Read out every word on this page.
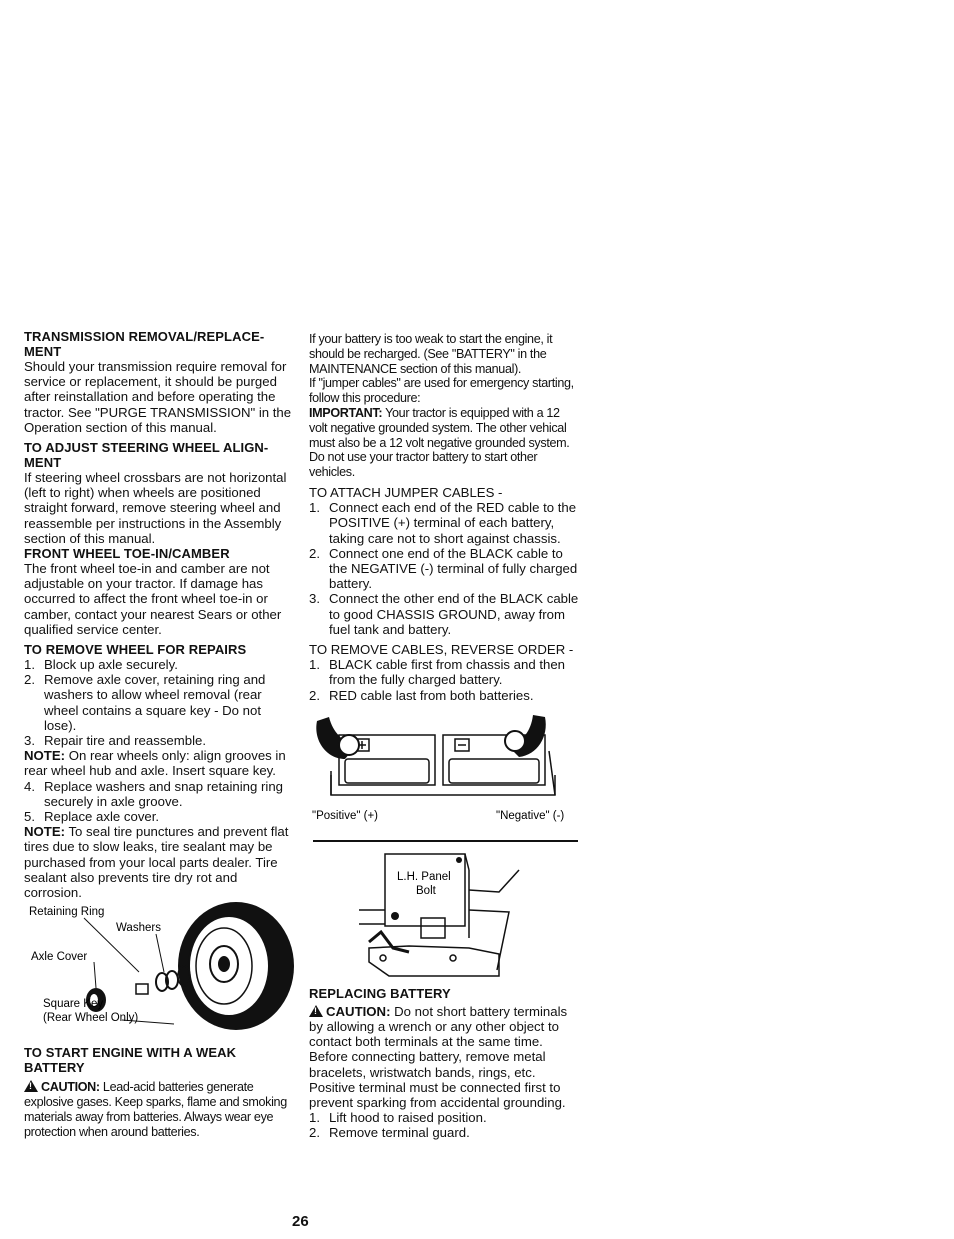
TRANSMISSION REMOVAL/REPLACE-MENT

Should your transmission require removal for service or replacement, it should be purged after reinstallation and before operating the tractor. See "PURGE TRANSMISSION" in the Operation section of this manual.

TO ADJUST STEERING WHEEL ALIGN-MENT

If steering wheel crossbars are not horizontal (left to right) when wheels are positioned straight forward, remove steering wheel and reassemble per instructions in the Assembly section of this manual.

FRONT WHEEL TOE-IN/CAMBER

The front wheel toe-in and camber are not adjustable on your tractor. If damage has occurred to affect the front wheel toe-in or camber, contact your nearest Sears or other qualified service center.

TO REMOVE WHEEL FOR REPAIRS
1. Block up axle securely.
2. Remove axle cover, retaining ring and washers to allow wheel removal (rear wheel contains a square key - Do not lose).
3. Repair tire and reassemble.

NOTE: On rear wheels only: align grooves in rear wheel hub and axle. Insert square key.

4. Replace washers and snap retaining ring securely in axle groove.
5. Replace axle cover.

NOTE: To seal tire punctures and prevent flat tires due to slow leaks, tire sealant may be purchased from your local parts dealer. Tire sealant also prevents tire dry rot and corrosion.

Retaining Ring
Washers
Axle Cover
Square Key
(Rear Wheel Only)
TO START ENGINE WITH A WEAK BATTERY

!CAUTION: Lead-acid batteries generate explosive gases. Keep sparks, flame and smoking materials away from batteries. Always wear eye protection when around batteries.

If your battery is too weak to start the engine, it should be recharged. (See "BATTERY" in the MAINTENANCE section of this manual).

If "jumper cables" are used for emergency starting, follow this procedure:

IMPORTANT: Your tractor is equipped with a 12 volt negative grounded system. The other vehical must also be a 12 volt negative grounded system. Do not use your tractor battery to start other vehicles.

TO ATTACH JUMPER CABLES -

1. Connect each end of the RED cable to the POSITIVE (+) terminal of each battery, taking care not to short against chassis.
2. Connect one end of the BLACK cable to the NEGATIVE (-) terminal of fully charged battery.
3. Connect the other end of the BLACK cable to good CHASSIS GROUND, away from fuel tank and battery.

TO REMOVE CABLES, REVERSE ORDER -

1. BLACK cable first from chassis and then from the fully charged battery.
2. RED cable last from both batteries.
"Positive" (+)	"Negative" (-)
L.H. Panel
Bolt
REPLACING BATTERY

!CAUTION: Do not short battery terminals by allowing a wrench or any other object to contact both terminals at the same time. Before connecting battery, remove metal bracelets, wristwatch bands, rings, etc.

Positive terminal must be connected first to prevent sparking from accidental grounding.

1. Lift hood to raised position.
2. Remove terminal guard.
26
